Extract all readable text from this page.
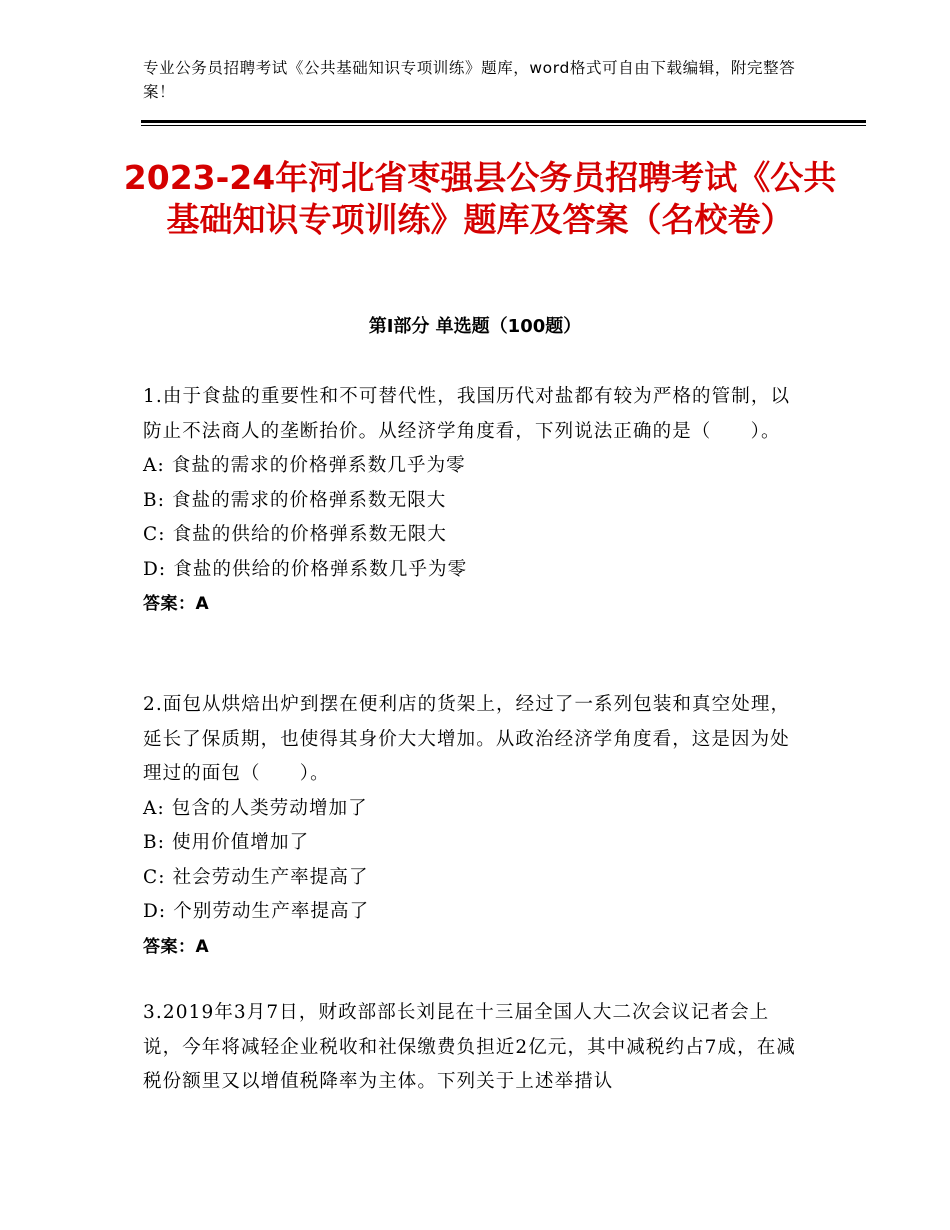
专业公务员招聘考试《公共基础知识专项训练》题库，word格式可自由下载编辑，附完整答案！
2023-24年河北省枣强县公务员招聘考试《公共基础知识专项训练》题库及答案（名校卷）
第Ⅰ部分 单选题（100题）

1.由于食盐的重要性和不可替代性，我国历代对盐都有较为严格的管制，以防止不法商人的垄断抬价。从经济学角度看，下列说法正确的是（　　）。

A: 食盐的需求的价格弹系数几乎为零

B: 食盐的需求的价格弹系数无限大

C: 食盐的供给的价格弹系数无限大

D: 食盐的供给的价格弹系数几乎为零

答案：A

2.面包从烘焙出炉到摆在便利店的货架上，经过了一系列包装和真空处理，延长了保质期，也使得其身价大大增加。从政治经济学角度看，这是因为处理过的面包（　　）。

A: 包含的人类劳动增加了

B: 使用价值增加了

C: 社会劳动生产率提高了

D: 个别劳动生产率提高了

答案：A

3.2019年3月7日，财政部部长刘昆在十三届全国人大二次会议记者会上说，今年将减轻企业税收和社保缴费负担近2亿元，其中减税约占7成，在减税份额里又以增值税降率为主体。下列关于上述举措认
